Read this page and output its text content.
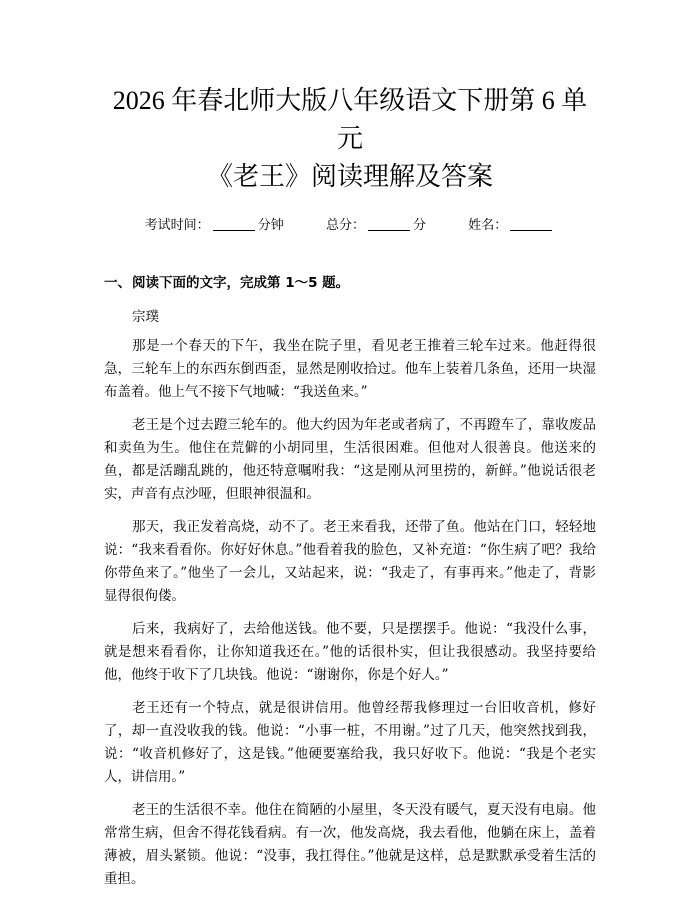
2026 年春北师大版八年级语文下册第 6 单元
《老王》阅读理解及答案
考试时间：	分钟	总分：	分	姓名：
一、阅读下面的文字，完成第 1～5 题。
宗璞

那是一个春天的下午，我坐在院子里，看见老王推着三轮车过来。他赶得很急，三轮车上的东西东倒西歪，显然是刚收拾过。他车上装着几条鱼，还用一块湿布盖着。他上气不接下气地喊：“我送鱼来。”

老王是个过去蹬三轮车的。他大约因为年老或者病了，不再蹬车了，靠收废品和卖鱼为生。他住在荒僻的小胡同里，生活很困难。但他对人很善良。他送来的鱼，都是活蹦乱跳的，他还特意嘱咐我：“这是刚从河里捞的，新鲜。”他说话很老实，声音有点沙哑，但眼神很温和。

那天，我正发着高烧，动不了。老王来看我，还带了鱼。他站在门口，轻轻地说：“我来看看你。你好好休息。”他看着我的脸色，又补充道：“你生病了吧？我给你带鱼来了。”他坐了一会儿，又站起来，说：“我走了，有事再来。”他走了，背影显得很佝偻。

后来，我病好了，去给他送钱。他不要，只是摆摆手。他说：“我没什么事，就是想来看看你，让你知道我还在。”他的话很朴实，但让我很感动。我坚持要给他，他终于收下了几块钱。他说：“谢谢你，你是个好人。”

老王还有一个特点，就是很讲信用。他曾经帮我修理过一台旧收音机，修好了，却一直没收我的钱。他说：“小事一桩，不用谢。”过了几天，他突然找到我，说：“收音机修好了，这是钱。”他硬要塞给我，我只好收下。他说：“我是个老实人，讲信用。”

老王的生活很不幸。他住在简陋的小屋里，冬天没有暖气，夏天没有电扇。他常常生病，但舍不得花钱看病。有一次，他发高烧，我去看他，他躺在床上，盖着薄被，眉头紧锁。他说：“没事，我扛得住。”他就是这样，总是默默承受着生活的重担。
